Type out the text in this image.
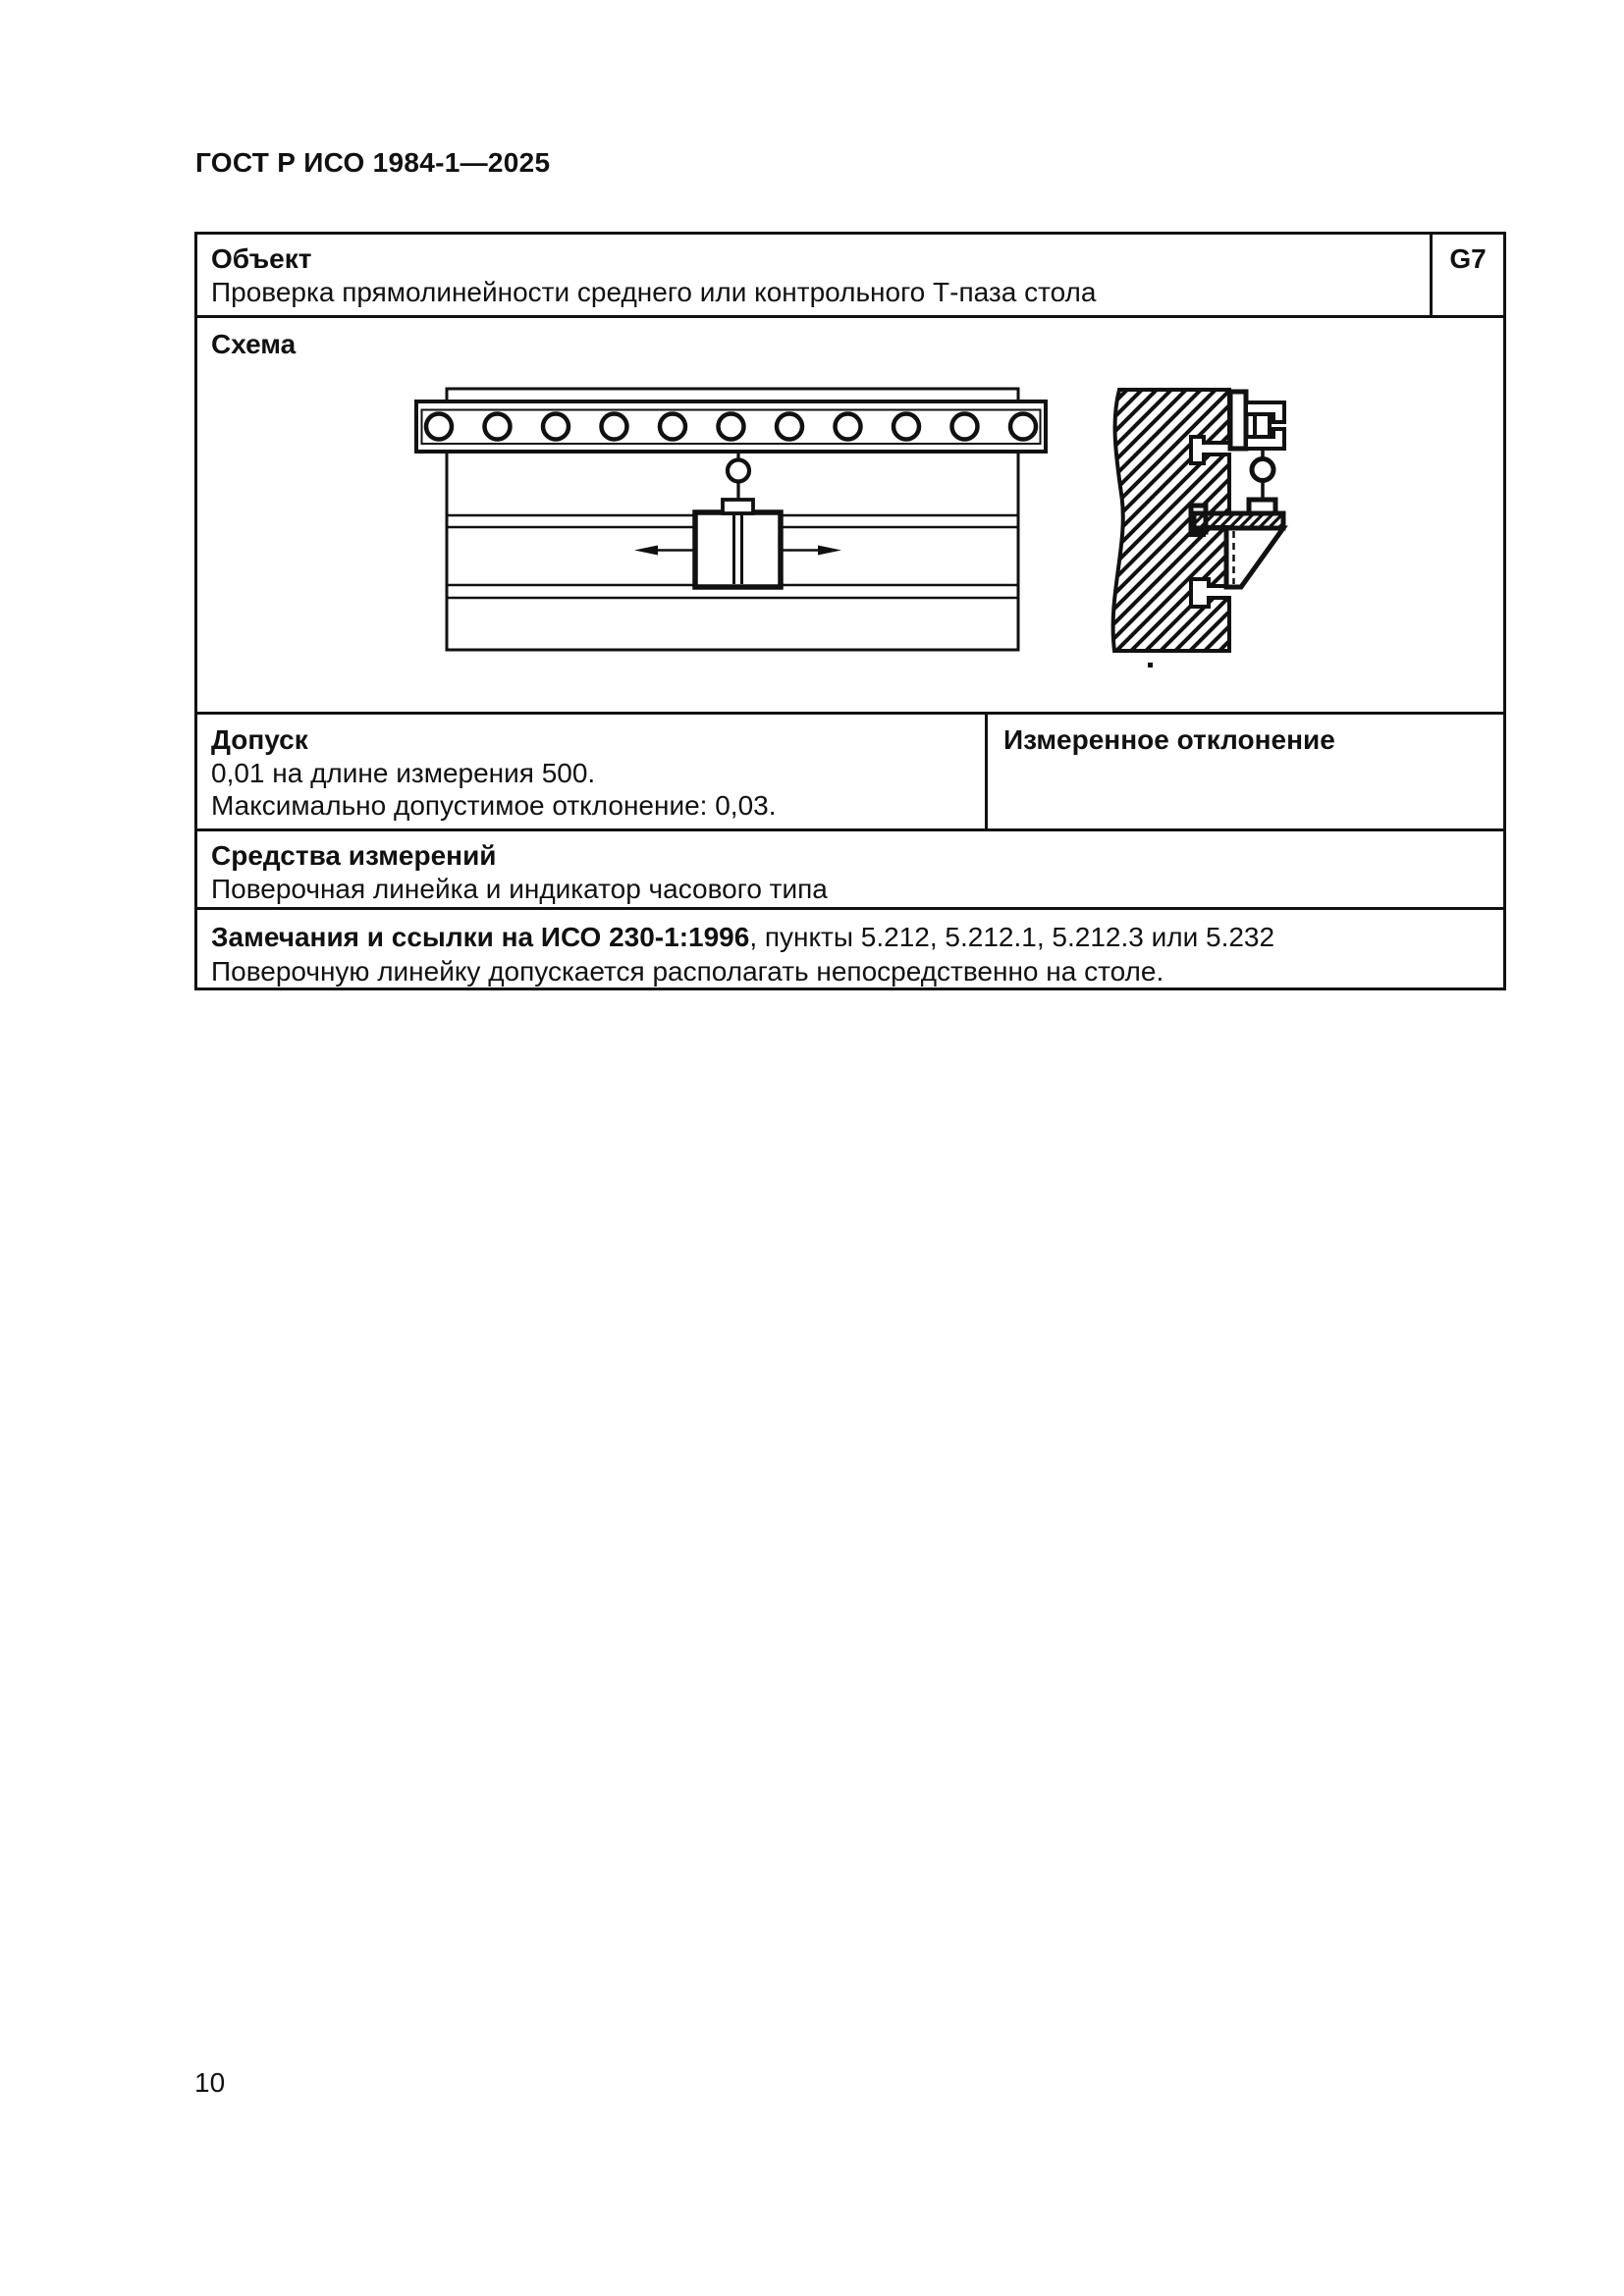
ГОСТ Р ИСО 1984-1—2025
Объект
Проверка прямолинейности среднего или контрольного Т-паза стола
G7
Схема
Допуск
0,01 на длине измерения 500.
Максимально допустимое отклонение: 0,03.
Измеренное отклонение
Средства измерений
Поверочная линейка и индикатор часового типа
Замечания и ссылки на ИСО 230-1:1996, пункты 5.212, 5.212.1, 5.212.3 или 5.232
Поверочную линейку допускается располагать непосредственно на столе.
10
